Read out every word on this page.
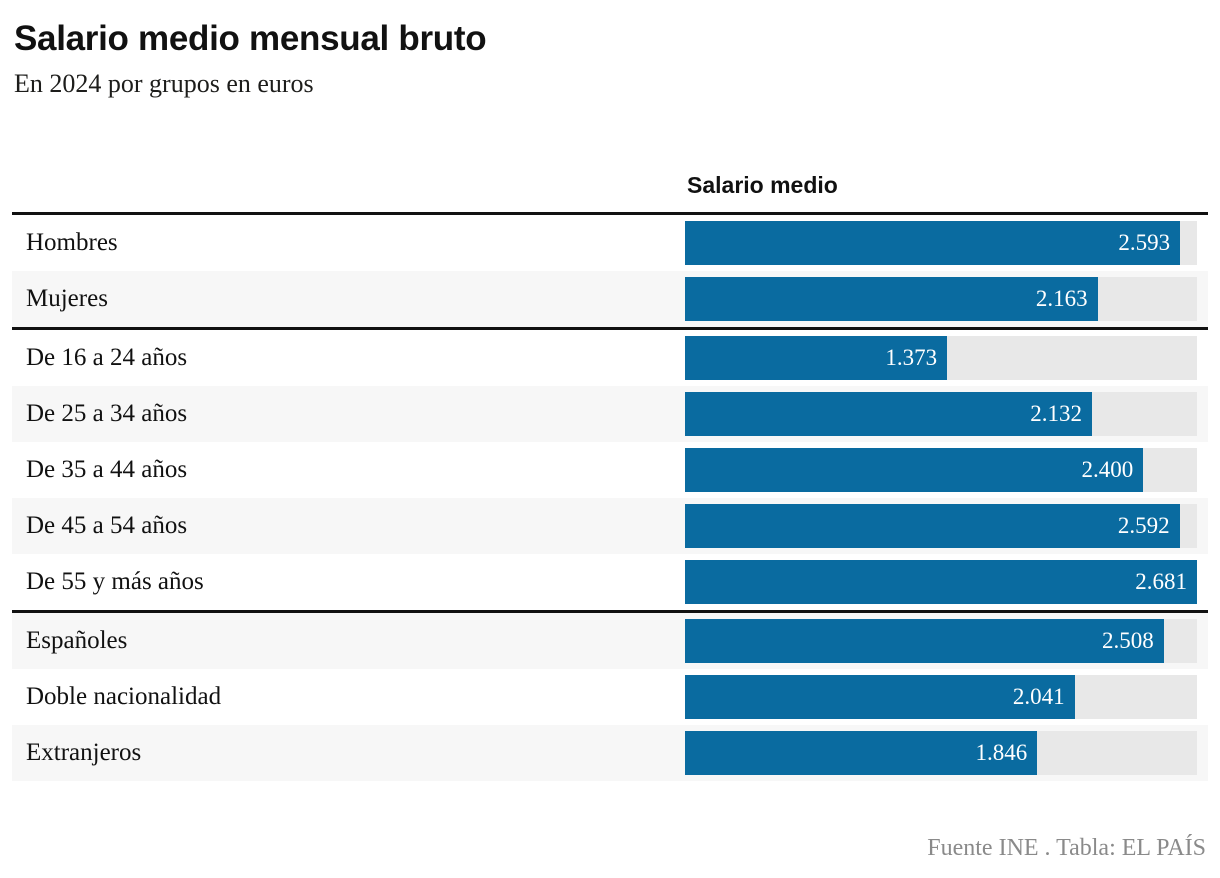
Salario medio mensual bruto

En 2024 por grupos en euros

Salario medio
Hombres	2.593
Mujeres	2.163
De 16 a 24 años	1.373
De 25 a 34 años	2.132
De 35 a 44 años	2.400
De 45 a 54 años	2.592
De 55 y más años	2.681
Españoles	2.508
Doble nacionalidad	2.041
Extranjeros	1.846
Fuente INE . Tabla: EL PAÍS
